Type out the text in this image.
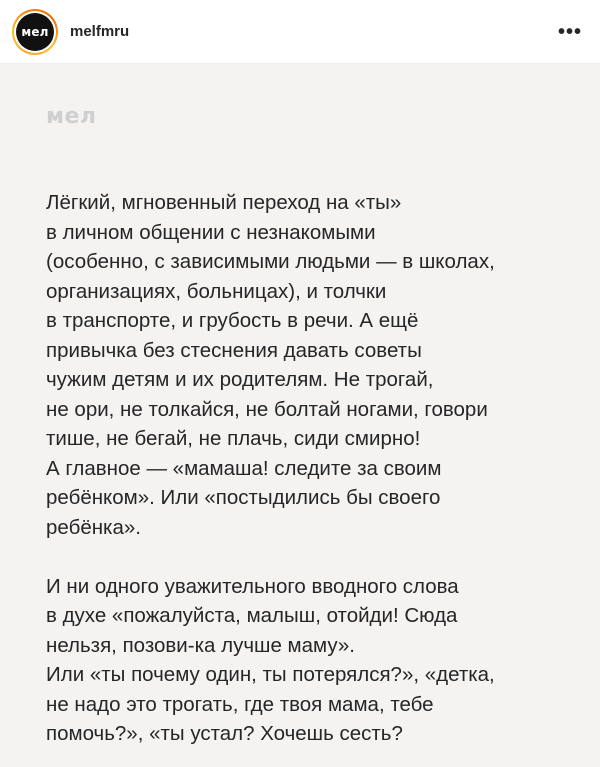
мел	melfmru	•••
мел
Лёгкий, мгновенный переход на «ты»
в личном общении с незнакомыми
(особенно, с зависимыми людьми — в школах,
организациях, больницах), и толчки
в транспорте, и грубость в речи. А ещё
привычка без стеснения давать советы
чужим детям и их родителям. Не трогай,
не ори, не толкайся, не болтай ногами, говори
тише, не бегай, не плачь, сиди смирно!
А главное — «мамаша! следите за своим
ребёнком». Или «постыдились бы своего
ребёнка».
И ни одного уважительного вводного слова
в духе «пожалуйста, малыш, отойди! Сюда
нельзя, позови-ка лучше маму».
Или «ты почему один, ты потерялся?», «детка,
не надо это трогать, где твоя мама, тебе
помочь?», «ты устал? Хочешь сесть?
